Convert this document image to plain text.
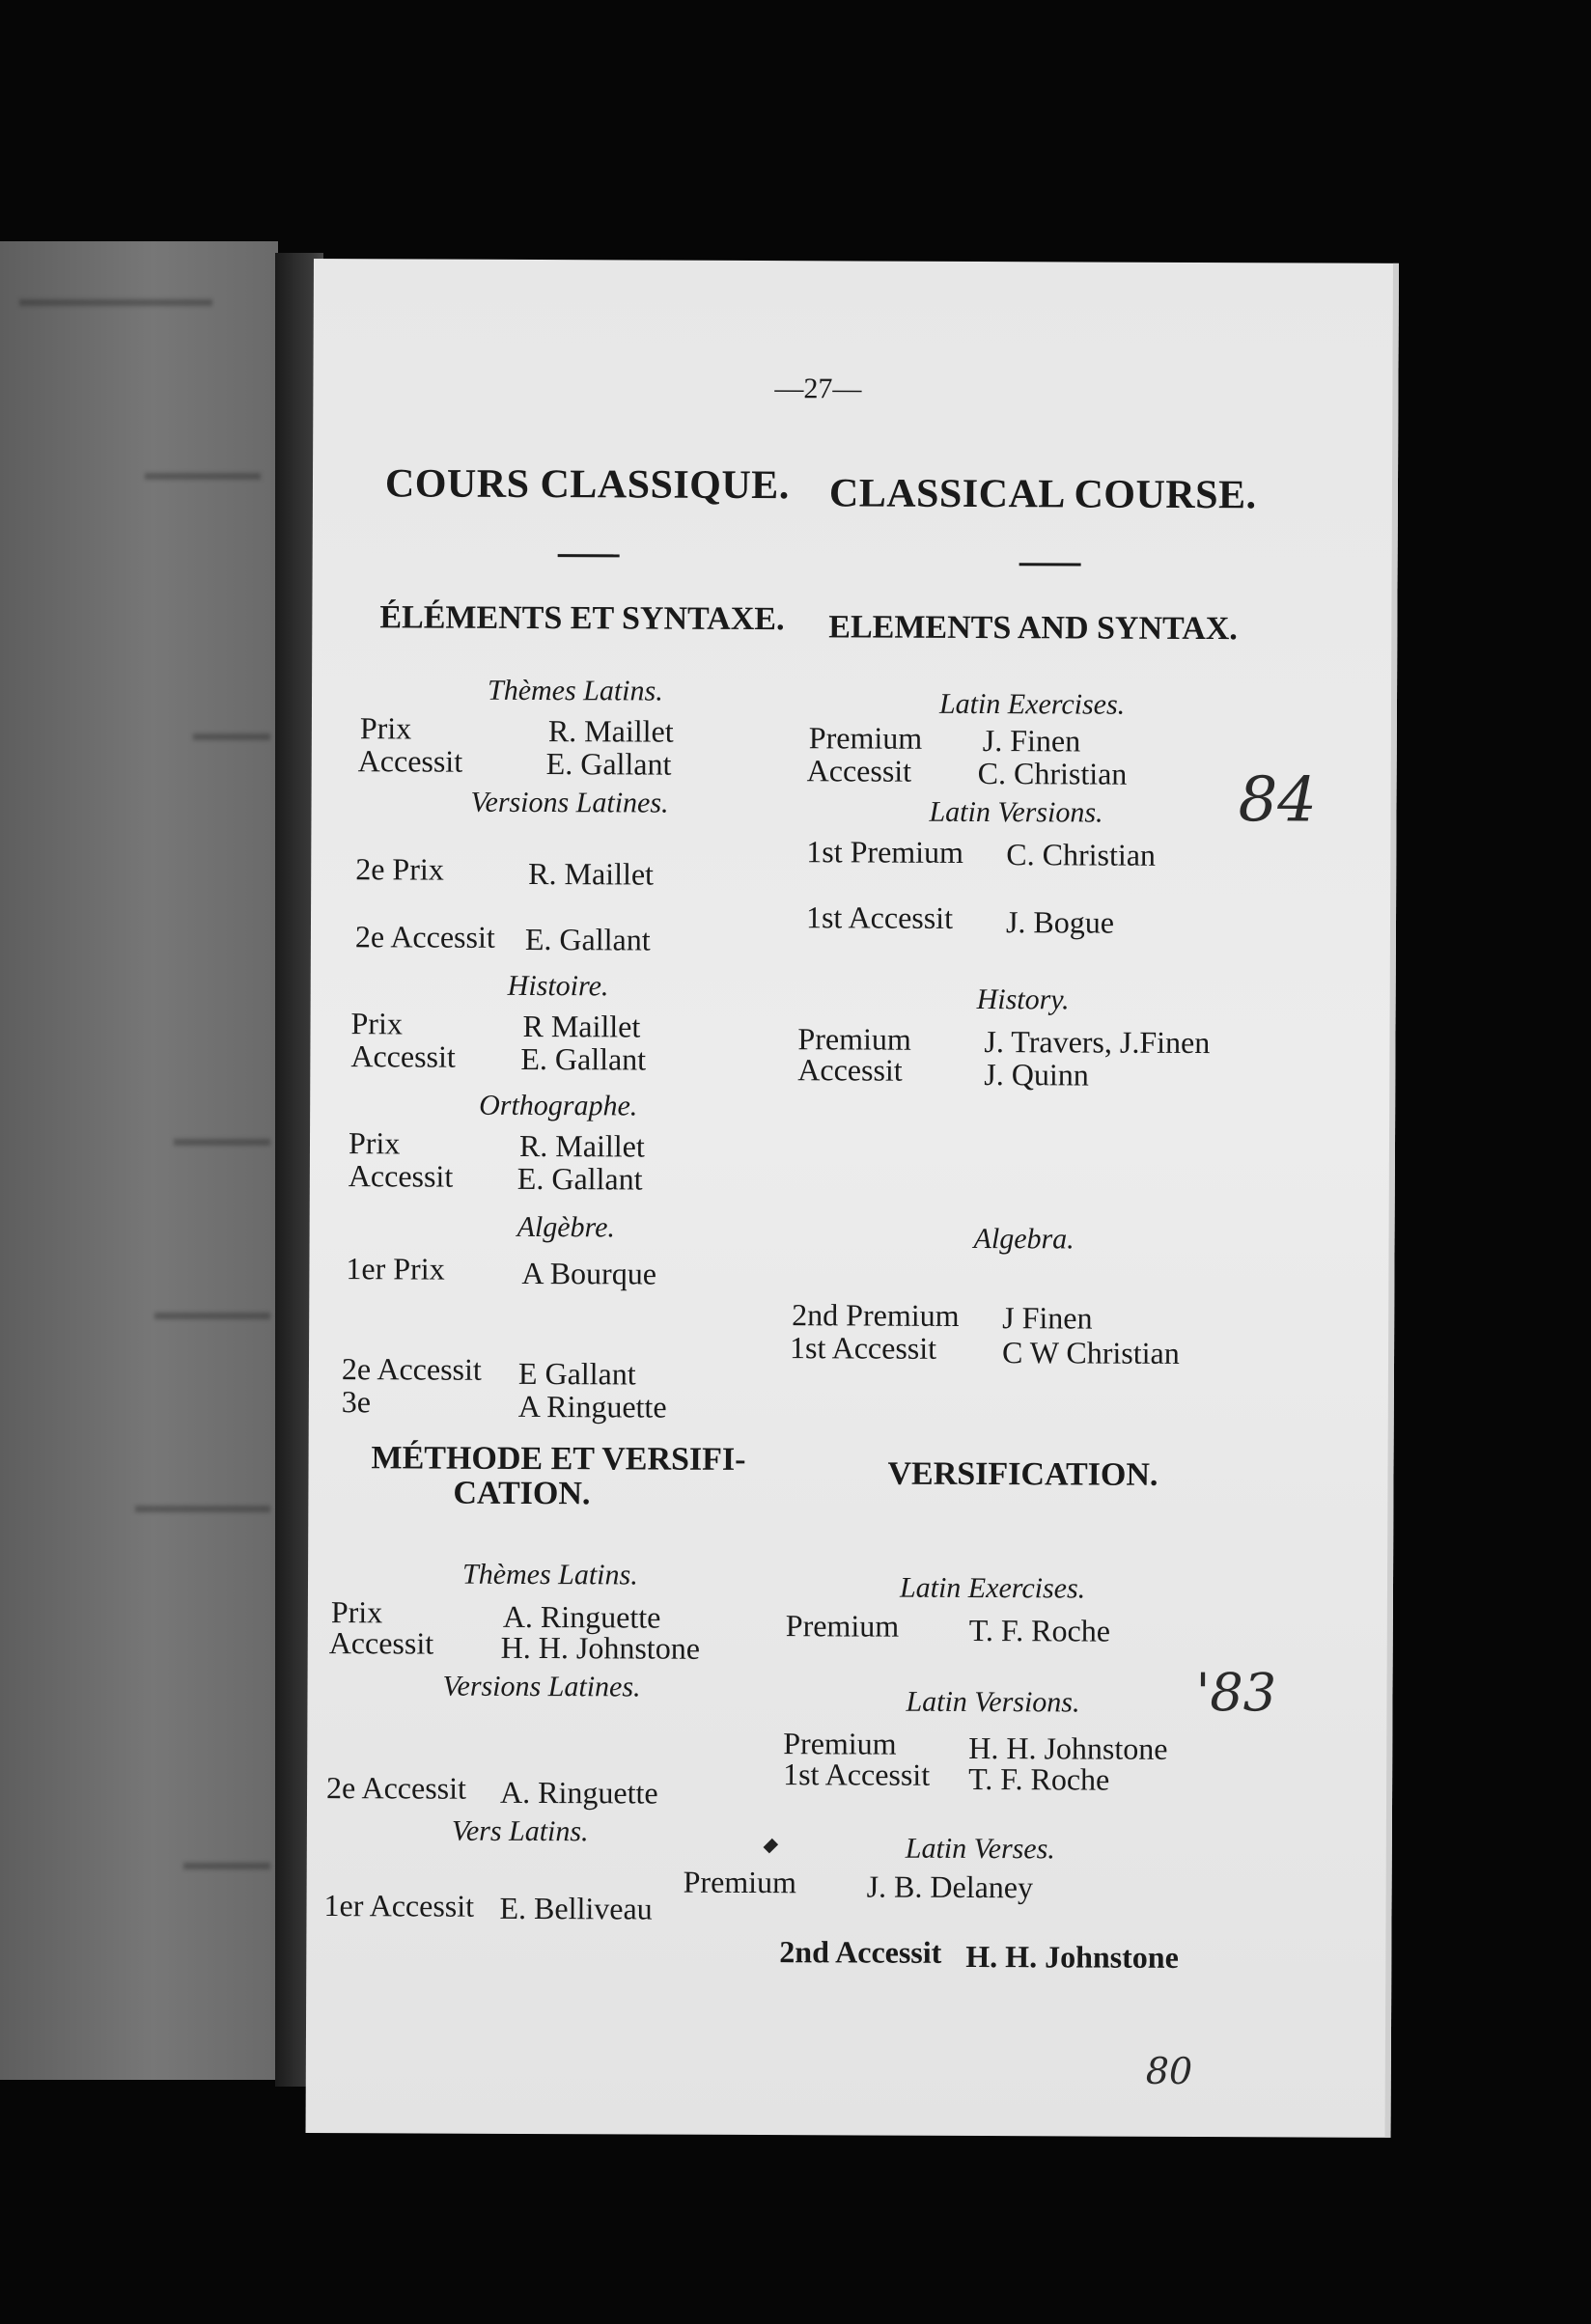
—27—
COURS CLASSIQUE. CLASSICAL COURSE.
ÉLÉMENTS ET SYNTAXE. ELEMENTS AND SYNTAX.
Thèmes Latins.
Prix	R. Maillet
Accessit	E. Gallant
Versions Latines.
2e Prix	R. Maillet
2e Accessit E. Gallant
Histoire.
Prix	R Maillet
Accessit E. Gallant
Orthographe.
Prix	R. Maillet
Accessit E. Gallant
Algèbre.
1er Prix A Bourque
2e Accessit E Gallant
3e	A Ringuette
MÉTHODE ET VERSIFI-
CATION.
VERSIFICATION.
Thèmes Latins.
Prix	A. Ringuette
Accessit H. H. Johnstone
Versions Latines.
2e Accessit A. Ringuette
Vers Latins.
1er Accessit E. Belliveau
Latin Exercises.
Premium J. Finen
Accessit C. Christian
Latin Versions.
1st Premium C. Christian
1st Accessit J. Bogue
History.
Premium J. Travers, J.Finen
Accessit	J. Quinn
Algebra.
2nd Premium J Finen
1st Accessit C W Christian
Latin Exercises.
Premium T. F. Roche
Latin Versions.
Premium H. H. Johnstone
1st Accessit T. F. Roche
Latin Verses.
Premium J. B. Delaney
2nd Accessit H. H. Johnstone
84
'83
80
